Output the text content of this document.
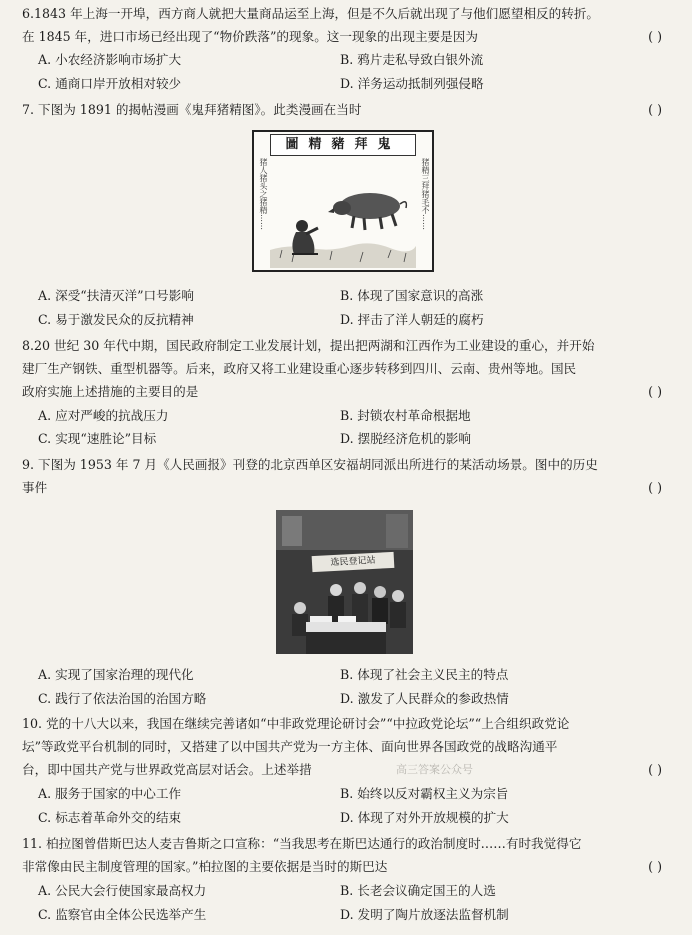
6.1843 年上海一开埠，西方商人就把大量商品运至上海，但是不久后就出现了与他们愿望相反的转折。
在 1845 年，进口市场已经出现了“物价跌落”的现象。这一现象的出现主要是因为	( )
A. 小农经济影响市场扩大	B. 鸦片走私导致白银外流
C. 通商口岸开放相对较少	D. 洋务运动抵制列强侵略
7. 下图为 1891 的揭帖漫画《鬼拜猪精图》。此类漫画在当时	( )
圖精豬拜鬼
猪人猪头之猪精……	猪精三拜猪毛不……
A. 深受“扶清灭洋”口号影响	B. 体现了国家意识的高涨
C. 易于激发民众的反抗精神	D. 抨击了洋人朝廷的腐朽
8.20 世纪 30 年代中期，国民政府制定工业发展计划，提出把两湖和江西作为工业建设的重心，并开始
建厂生产钢铁、重型机器等。后来，政府又将工业建设重心逐步转移到四川、云南、贵州等地。国民
政府实施上述措施的主要目的是	( )
A. 应对严峻的抗战压力	B. 封锁农村革命根据地
C. 实现“速胜论”目标	D. 摆脱经济危机的影响
9. 下图为 1953 年 7 月《人民画报》刊登的北京西单区安福胡同派出所进行的某活动场景。图中的历史
事件	( )
选民登记站
A. 实现了国家治理的现代化	B. 体现了社会主义民主的特点
C. 践行了依法治国的治国方略	D. 激发了人民群众的参政热情
10. 党的十八大以来，我国在继续完善诸如“中非政党理论研讨会”“中拉政党论坛”“上合组织政党论
坛”等政党平台机制的同时，又搭建了以中国共产党为一方主体、面向世界各国政党的战略沟通平
台，即中国共产党与世界政党高层对话会。上述举措	高三答案公众号	( )
A. 服务于国家的中心工作	B. 始终以反对霸权主义为宗旨
C. 标志着革命外交的结束	D. 体现了对外开放规模的扩大
11. 柏拉图曾借斯巴达人麦吉鲁斯之口宣称：“当我思考在斯巴达通行的政治制度时……有时我觉得它
非常像由民主制度管理的国家。”柏拉图的主要依据是当时的斯巴达	( )
A. 公民大会行使国家最高权力	B. 长老会议确定国王的人选
C. 监察官由全体公民选举产生	D. 发明了陶片放逐法监督机制
